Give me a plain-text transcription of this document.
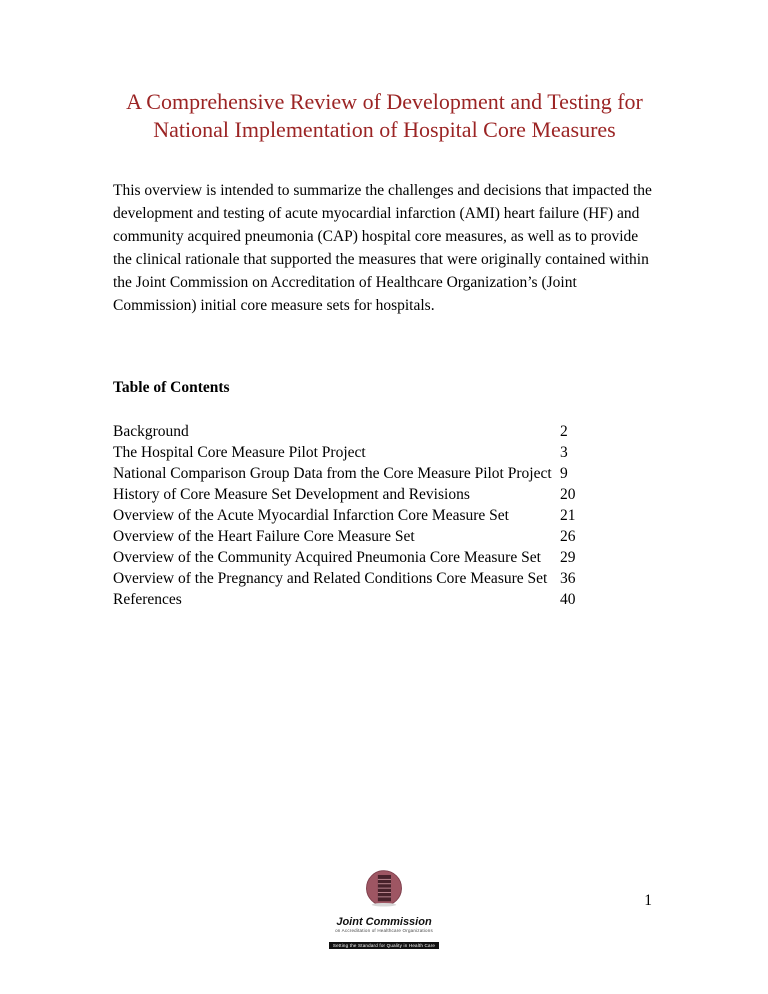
A Comprehensive Review of Development and Testing for
National Implementation of Hospital Core Measures

This overview is intended to summarize the challenges and decisions that impacted the development and testing of acute myocardial infarction (AMI) heart failure (HF) and community acquired pneumonia (CAP) hospital core measures, as well as to provide the clinical rationale that supported the measures that were originally contained within the Joint Commission on Accreditation of Healthcare Organization’s (Joint Commission) initial core measure sets for hospitals.

Table of Contents
Background	2
The Hospital Core Measure Pilot Project	3
National Comparison Group Data from the Core Measure Pilot Project 9
History of Core Measure Set Development and Revisions	20
Overview of the Acute Myocardial Infarction Core Measure Set	21
Overview of the Heart Failure Core Measure Set	26
Overview of the Community Acquired Pneumonia Core Measure Set	29
Overview of the Pregnancy and Related Conditions Core Measure Set 36
References	40
Joint Commission
on Accreditation of Healthcare Organizations
Setting the Standard for Quality in Health Care
1
